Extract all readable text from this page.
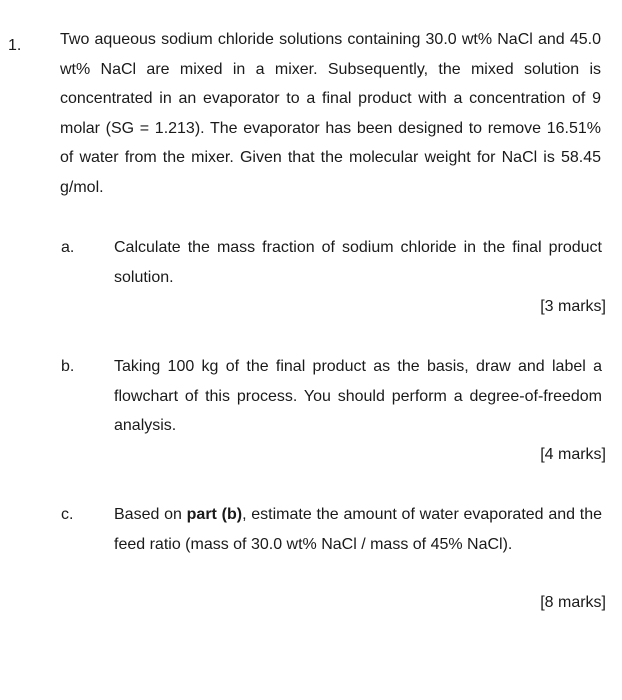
1. Two aqueous sodium chloride solutions containing 30.0 wt% NaCl and 45.0 wt% NaCl are mixed in a mixer. Subsequently, the mixed solution is concentrated in an evaporator to a final product with a concentration of 9 molar (SG = 1.213). The evaporator has been designed to remove 16.51% of water from the mixer. Given that the molecular weight for NaCl is 58.45 g/mol.
a. Calculate the mass fraction of sodium chloride in the final product solution.
[3 marks]
b. Taking 100 kg of the final product as the basis, draw and label a flowchart of this process. You should perform a degree-of-freedom analysis.
[4 marks]
c.	Based on part (b), estimate the amount of water evaporated and the feed ratio (mass of 30.0 wt% NaCl / mass of 45% NaCl).
[8 marks]
